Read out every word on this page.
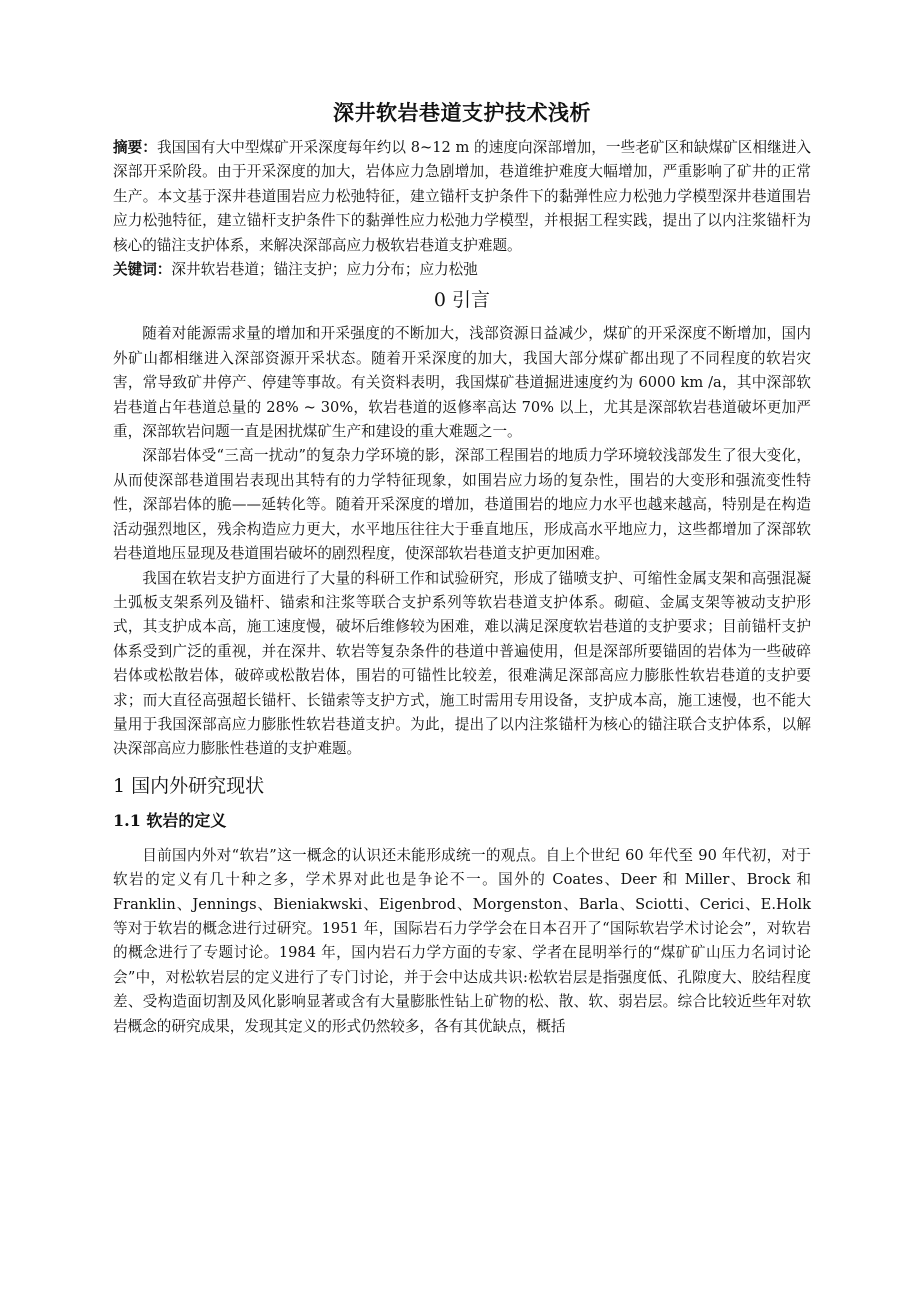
深井软岩巷道支护技术浅析

摘要：我国国有大中型煤矿开采深度每年约以 8~12 m 的速度向深部增加，一些老矿区和缺煤矿区相继进入深部开采阶段。由于开采深度的加大，岩体应力急剧增加，巷道维护难度大幅增加，严重影响了矿井的正常生产。本文基于深井巷道围岩应力松弛特征，建立锚杆支护条件下的黏弹性应力松弛力学模型深井巷道围岩应力松弛特征，建立锚杆支护条件下的黏弹性应力松弛力学模型，并根据工程实践，提出了以内注浆锚杆为核心的锚注支护体系，来解决深部高应力极软岩巷道支护难题。

关键词：深井软岩巷道；锚注支护；应力分布；应力松弛

0 引言

随着对能源需求量的增加和开采强度的不断加大，浅部资源日益减少，煤矿的开采深度不断增加，国内外矿山都相继进入深部资源开采状态。随着开采深度的加大，我国大部分煤矿都出现了不同程度的软岩灾害，常导致矿井停产、停建等事故。有关资料表明，我国煤矿巷道掘进速度约为 6000 km /a，其中深部软岩巷道占年巷道总量的 28% ~ 30%，软岩巷道的返修率高达 70% 以上，尤其是深部软岩巷道破坏更加严重，深部软岩问题一直是困扰煤矿生产和建设的重大难题之一。

深部岩体受“三高一扰动”的复杂力学环境的影，深部工程围岩的地质力学环境较浅部发生了很大变化，从而使深部巷道围岩表现出其特有的力学特征现象，如围岩应力场的复杂性，围岩的大变形和强流变性特性，深部岩体的脆——延转化等。随着开采深度的增加，巷道围岩的地应力水平也越来越高，特别是在构造活动强烈地区，残余构造应力更大，水平地压往往大于垂直地压，形成高水平地应力，这些都增加了深部软岩巷道地压显现及巷道围岩破坏的剧烈程度，使深部软岩巷道支护更加困难。

我国在软岩支护方面进行了大量的科研工作和试验研究，形成了锚喷支护、可缩性金属支架和高强混凝土弧板支架系列及锚杆、锚索和注浆等联合支护系列等软岩巷道支护体系。砌碹、金属支架等被动支护形式，其支护成本高，施工速度慢，破坏后维修较为困难，难以满足深度软岩巷道的支护要求；目前锚杆支护体系受到广泛的重视，并在深井、软岩等复杂条件的巷道中普遍使用，但是深部所要锚固的岩体为一些破碎岩体或松散岩体，破碎或松散岩体，围岩的可锚性比较差，很难满足深部高应力膨胀性软岩巷道的支护要求；而大直径高强超长锚杆、长锚索等支护方式，施工时需用专用设备，支护成本高，施工速慢，也不能大量用于我国深部高应力膨胀性软岩巷道支护。为此，提出了以内注浆锚杆为核心的锚注联合支护体系，以解决深部高应力膨胀性巷道的支护难题。

1 国内外研究现状
1.1 软岩的定义

目前国内外对“软岩”这一概念的认识还未能形成统一的观点。自上个世纪 60 年代至 90 年代初，对于软岩的定义有几十种之多，学术界对此也是争论不一。国外的 Coates、Deer 和 Miller、Brock 和 Franklin、Jennings、Bieniakwski、Eigenbrod、Morgenston、Barla、Sciotti、Cerici、E.Holk 等对于软岩的概念进行过研究。1951 年，国际岩石力学学会在日本召开了“国际软岩学术讨论会”，对软岩的概念进行了专题讨论。1984 年，国内岩石力学方面的专家、学者在昆明举行的“煤矿矿山压力名词讨论会”中，对松软岩层的定义进行了专门讨论，并于会中达成共识:松软岩层是指强度低、孔隙度大、胶结程度差、受构造面切割及风化影响显著或含有大量膨胀性钻上矿物的松、散、软、弱岩层。综合比较近些年对软岩概念的研究成果，发现其定义的形式仍然较多，各有其优缺点，概括
